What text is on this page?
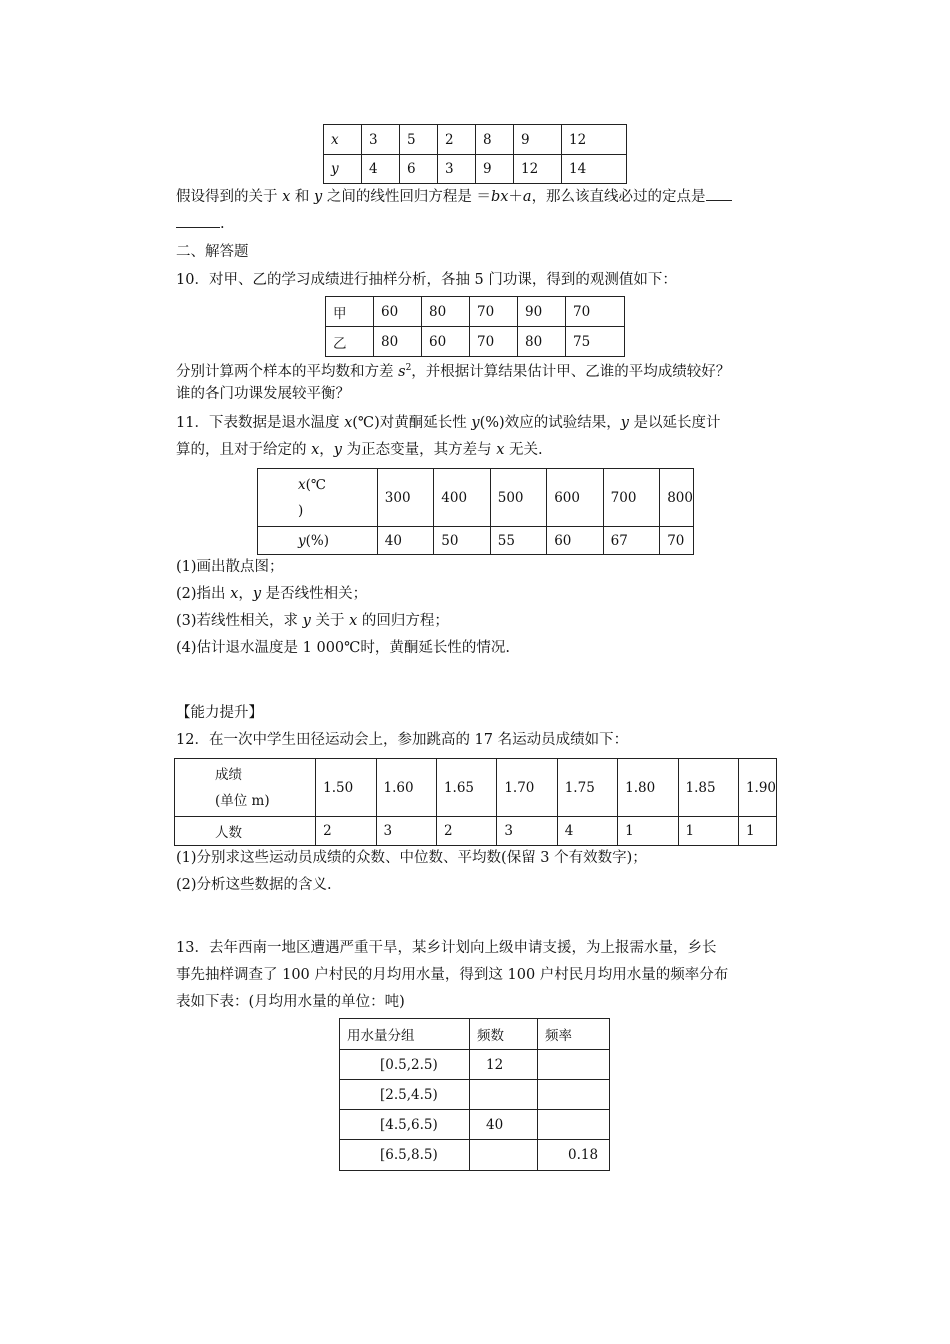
x	3	5	2	8	9	12
y	4	6	3	9	12	14
假设得到的关于 x 和 y 之间的线性回归方程是 ＝bx＋a，那么该直线必过的定点是
.
二、解答题
10．对甲、乙的学习成绩进行抽样分析，各抽 5 门功课，得到的观测值如下：
甲	60	80	70	90	70
乙	80	60	70	80	75
分别计算两个样本的平均数和方差 $s^2$，并根据计算结果估计甲、乙谁的平均成绩较好？
谁的各门功课发展较平衡？
11．下表数据是退水温度 x(℃)对黄酮延长性 y(%)效应的试验结果，y 是以延长度计
算的，且对于给定的 x，y 为正态变量，其方差与 x 无关.
x(℃
)	300	400	500	600	700	800
y(%)	40	50	55	60	67	70
(1)画出散点图；
(2)指出 x，y 是否线性相关；
(3)若线性相关，求 y 关于 x 的回归方程；
(4)估计退水温度是 1 000℃时，黄酮延长性的情况.
【能力提升】
12．在一次中学生田径运动会上，参加跳高的 17 名运动员成绩如下：
成绩
(单位 m)	1.50	1.60	1.65	1.70	1.75	1.80	1.85	1.90
人数	2	3	2	3	4	1	1	1
(1)分别求这些运动员成绩的众数、中位数、平均数(保留 3 个有效数字)；
(2)分析这些数据的含义.
13．去年西南一地区遭遇严重干旱，某乡计划向上级申请支援，为上报需水量，乡长
事先抽样调查了 100 户村民的月均用水量，得到这 100 户村民月均用水量的频率分布
表如下表：(月均用水量的单位：吨)
用水量分组	频数	频率
[0.5,2.5)	12	
[2.5,4.5)		
[4.5,6.5)	40	
[6.5,8.5)		0.18
